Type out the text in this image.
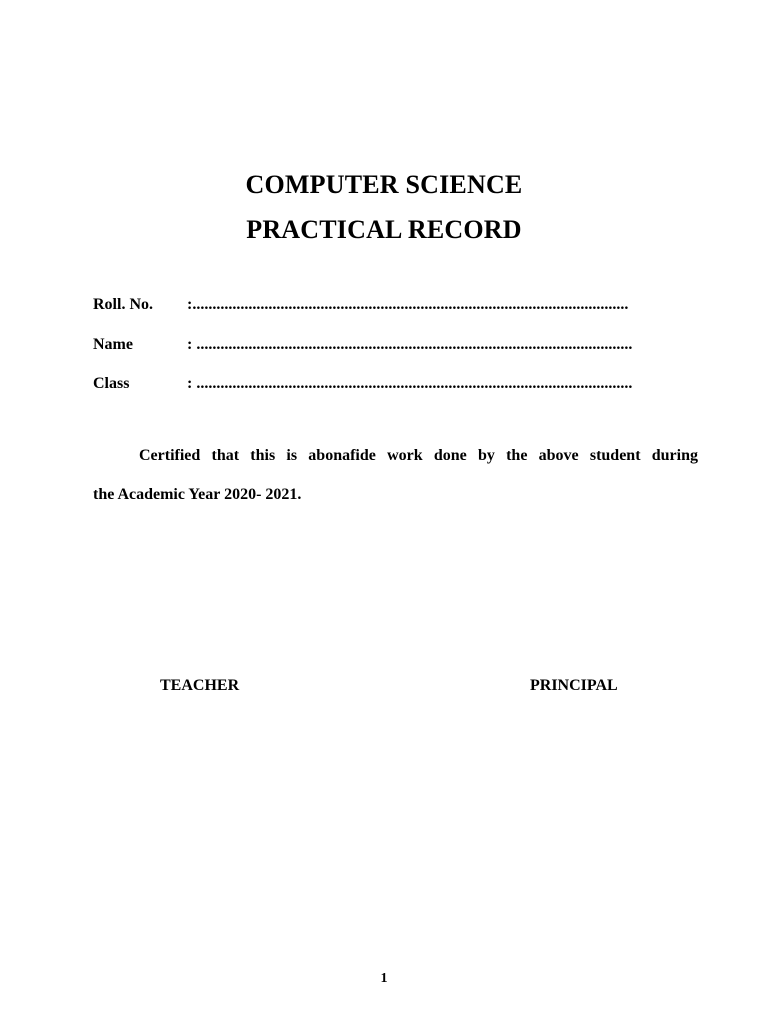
COMPUTER SCIENCE
PRACTICAL RECORD
Roll. No. :.............................................................................................................
Name	: .............................................................................................................
Class	: .............................................................................................................
Certified that this is abonafide work done by the above student during
the Academic Year 2020- 2021.
TEACHER	PRINCIPAL
1
